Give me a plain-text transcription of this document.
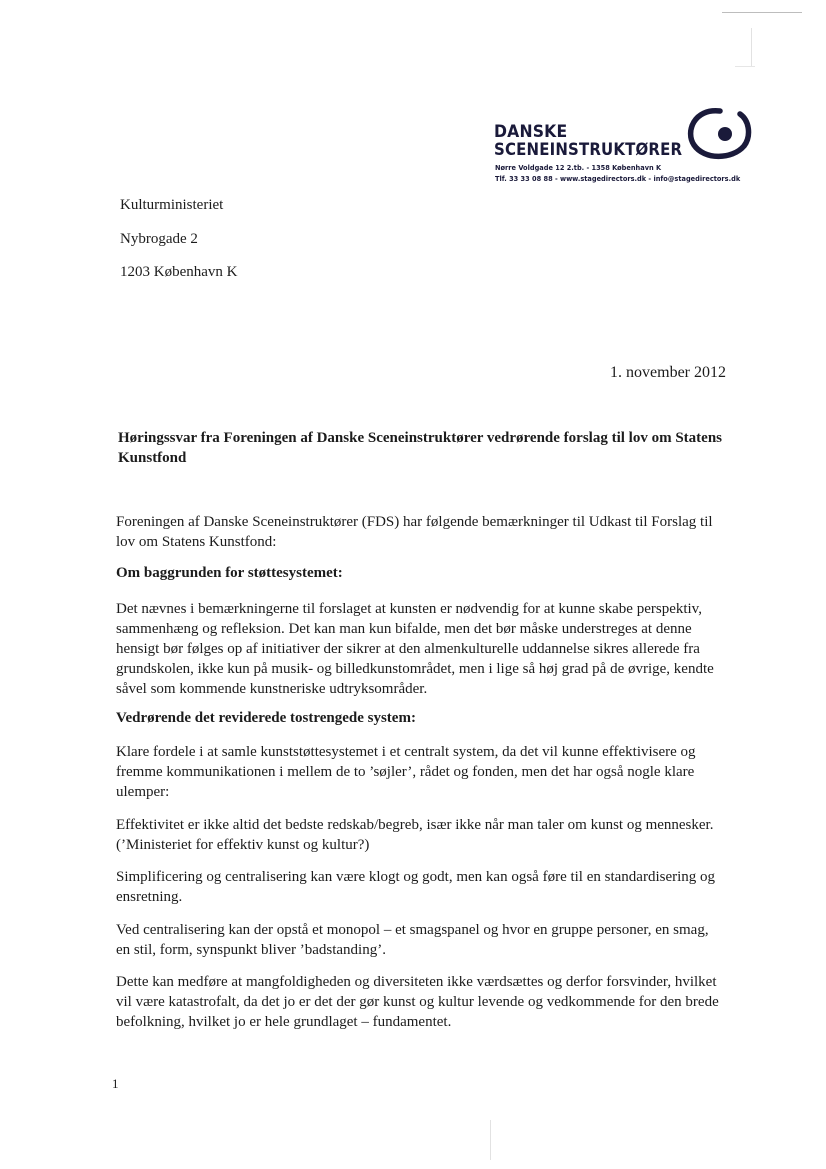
DANSKE
SCENEINSTRUKTØRER
Nørre Voldgade 12 2.tb. - 1358 København K
Tlf. 33 33 08 88 - www.stagedirectors.dk - info@stagedirectors.dk
Kulturministeriet
Nybrogade 2
1203 København K
1. november 2012
Høringssvar fra Foreningen af Danske Sceneinstruktører vedrørende forslag til lov om Statens Kunstfond
Foreningen af Danske Sceneinstruktører (FDS) har følgende bemærkninger til Udkast til Forslag til lov om Statens Kunstfond:
Om baggrunden for støttesystemet:
Det nævnes i bemærkningerne til forslaget at kunsten er nødvendig for at kunne skabe perspektiv, sammenhæng og refleksion. Det kan man kun bifalde, men det bør måske understreges at denne hensigt bør følges op af initiativer der sikrer at den almenkulturelle uddannelse sikres allerede fra grundskolen, ikke kun på musik- og billedkunstområdet, men i lige så høj grad på de øvrige, kendte såvel som kommende kunstneriske udtryksområder.
Vedrørende det reviderede tostrengede system:
Klare fordele i at samle kunststøttesystemet i et centralt system, da det vil kunne effektivisere og fremme kommunikationen i mellem de to ’søjler’, rådet og fonden, men det har også nogle klare ulemper:
Effektivitet er ikke altid det bedste redskab/begreb, især ikke når man taler om kunst og mennesker. (’Ministeriet for effektiv kunst og kultur?)
Simplificering og centralisering kan være klogt og godt, men kan også føre til en standardisering og ensretning.
Ved centralisering kan der opstå et monopol – et smagspanel og hvor en gruppe personer, en smag, en stil, form, synspunkt bliver ’badstanding’.
Dette kan medføre at mangfoldigheden og diversiteten ikke værdsættes og derfor forsvinder, hvilket vil være katastrofalt, da det jo er det der gør kunst og kultur levende og vedkommende for den brede befolkning, hvilket jo er hele grundlaget – fundamentet.
1
